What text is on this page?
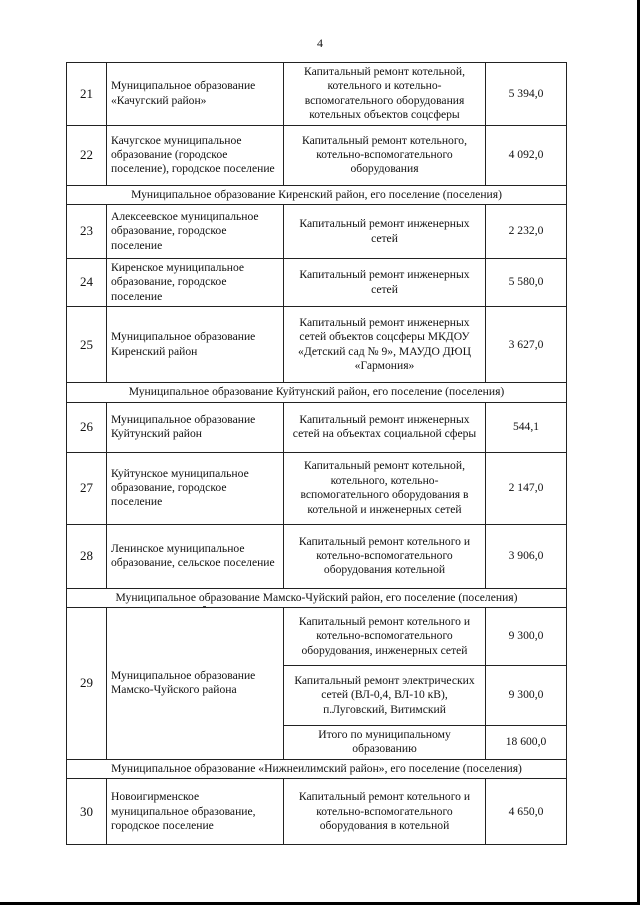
4
21	Муниципальное образование «Качугский район»	Капитальный ремонт котельной, котельного и котельно-вспомогательного оборудования котельных объектов соцсферы	5 394,0
22	Качугское муниципальное образование (городское поселение), городское поселение	Капитальный ремонт котельного, котельно-вспомогательного оборудования	4 092,0
Муниципальное образование Киренский район, его поселение (поселения)			
23	Алексеевское муниципальное образование, городское поселение	Капитальный ремонт инженерных сетей	2 232,0
24	Киренское муниципальное образование, городское поселение	Капитальный ремонт инженерных сетей	5 580,0
25	Муниципальное образование Киренский район	Капитальный ремонт инженерных сетей объектов соцсферы МКДОУ «Детский сад № 9», МАУДО ДЮЦ «Гармония»	3 627,0
Муниципальное образование Куйтунский район, его поселение (поселения)			
26	Муниципальное образование Куйтунский район	Капитальный ремонт инженерных сетей на объектах социальной сферы	544,1
27	Куйтунское муниципальное образование, городское поселение	Капитальный ремонт котельной, котельного, котельно-вспомогательного оборудования в котельной и инженерных сетей	2 147,0
28	Ленинское муниципальное образование, сельское поселение	Капитальный ремонт котельного и котельно-вспомогательного оборудования котельной	3 906,0
Муниципальное образование Мамско-Чуйский район, его поселение (поселения)			
29	Муниципальное образование Мамско-Чуйского района	Капитальный ремонт котельного и котельно-вспомогательного оборудования, инженерных сетей	9 300,0
		Капитальный ремонт электрических сетей (ВЛ-0,4, ВЛ-10 кВ), п.Луговский, Витимский	9 300,0
		Итого по муниципальному образованию	18 600,0
Муниципальное образование «Нижнеилимский район», его поселение (поселения)			
30	Новоигирменское муниципальное образование, городское поселение	Капитальный ремонт котельного и котельно-вспомогательного оборудования в котельной	4 650,0
